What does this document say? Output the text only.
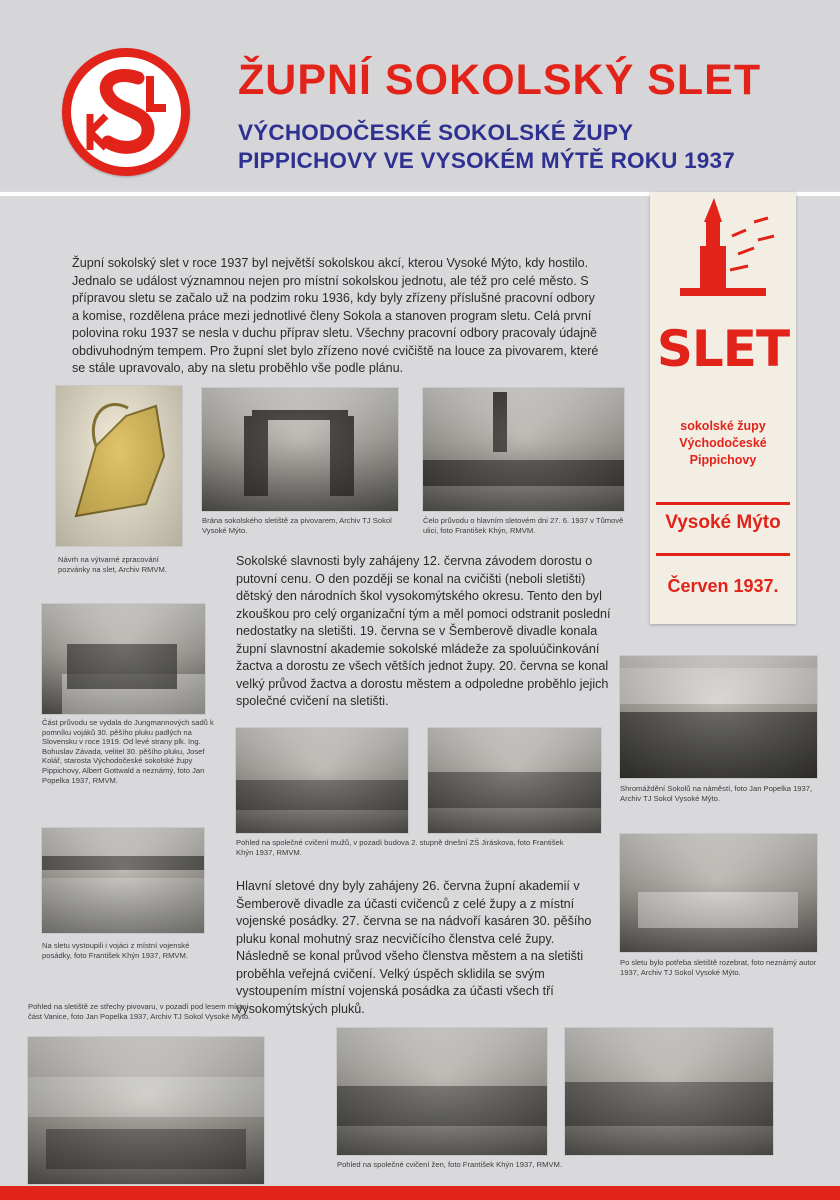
ŽUPNÍ SOKOLSKÝ SLET
VÝCHODOČESKÉ SOKOLSKÉ ŽUPY
PIPPICHOVY VE VYSOKÉM MÝTĚ ROKU 1937

Župní sokolský slet v roce 1937 byl největší sokolskou akcí, kterou Vysoké Mýto, kdy hostilo. Jednalo se událost významnou nejen pro místní sokolskou jednotu, ale též pro celé město. S přípravou sletu se začalo už na podzim roku 1936, kdy byly zřízeny příslušné pracovní odbory a komise, rozdělena práce mezi jednotlivé členy Sokola a stanoven program sletu. Celá první polovina roku 1937 se nesla v duchu příprav sletu. Všechny pracovní odbory pracovaly údajně obdivuhodným tempem. Pro župní slet bylo zřízeno nové cvičiště na louce za pivovarem, které se stále upravovalo, aby na sletu proběhlo vše podle plánu.

Návrh na výtvarné zpracování pozvánky na slet, Archiv RMVM.

Brána sokolského sletiště za pivovarem, Archiv TJ Sokol Vysoké Mýto.

Čelo průvodu o hlavním sletovém dni 27. 6. 1937 v Tůmově ulici, foto František Khýn, RMVM.

SLET

sokolské župy
Východočeské
Pippichovy

Vysoké Mýto

Červen 1937.

Sokolské slavnosti byly zahájeny 12. června závodem dorostu o putovní cenu. O den později se konal na cvičišti (neboli sletišti) dětský den národních škol vysokomýtského okresu. Tento den byl zkouškou pro celý organizační tým a měl pomoci odstranit poslední nedostatky na sletišti. 19. června se v Šemberově divadle konala župní slavnostní akademie sokolské mládeže za spoluúčinkování žactva a dorostu ze všech větších jednot župy. 20. června se konal velký průvod žactva a dorostu městem a odpoledne proběhlo jejich společné cvičení na sletišti.

Část průvodu se vydala do Jungmannových sadů k pomníku vojáků 30. pěšího pluku padlých na Slovensku v roce 1919. Od levé strany plk. Ing. Bohuslav Závada, velitel 30. pěšího pluku, Josef Kolář, starosta Východočeské sokolské župy Pippichovy, Albert Gottwald a neznámý, foto Jan Popelka 1937, RMVM.

Na sletu vystoupili i vojáci z místní vojenské posádky, foto František Khýn 1937, RMVM.

Shromáždění Sokolů na náměstí, foto Jan Popelka 1937, Archiv TJ Sokol Vysoké Mýto.

Po sletu bylo potřeba sletiště rozebrat, foto neznámý autor 1937, Archiv TJ Sokol Vysoké Mýto.

Pohled na společné cvičení mužů, v pozadí budova 2. stupně dnešní ZŠ Jiráskova, foto František Khýn 1937, RMVM.

Hlavní sletové dny byly zahájeny 26. června župní akademií v Šemberově divadle za účasti cvičenců z celé župy a z místní vojenské posádky. 27. června se na nádvoří kasáren 30. pěšího pluku konal mohutný sraz necvičícího členstva celé župy. Následně se konal průvod všeho členstva městem a na sletišti proběhla veřejná cvičení. Velký úspěch sklidila se svým vystoupením místní vojenská posádka za účasti všech tří vysokomýtských pluků.

Pohled na sletiště ze střechy pivovaru, v pozadí pod lesem místní část Vanice, foto Jan Popelka 1937, Archiv TJ Sokol Vysoké Mýto.

Pohled na společné cvičení žen, foto František Khýn 1937, RMVM.
